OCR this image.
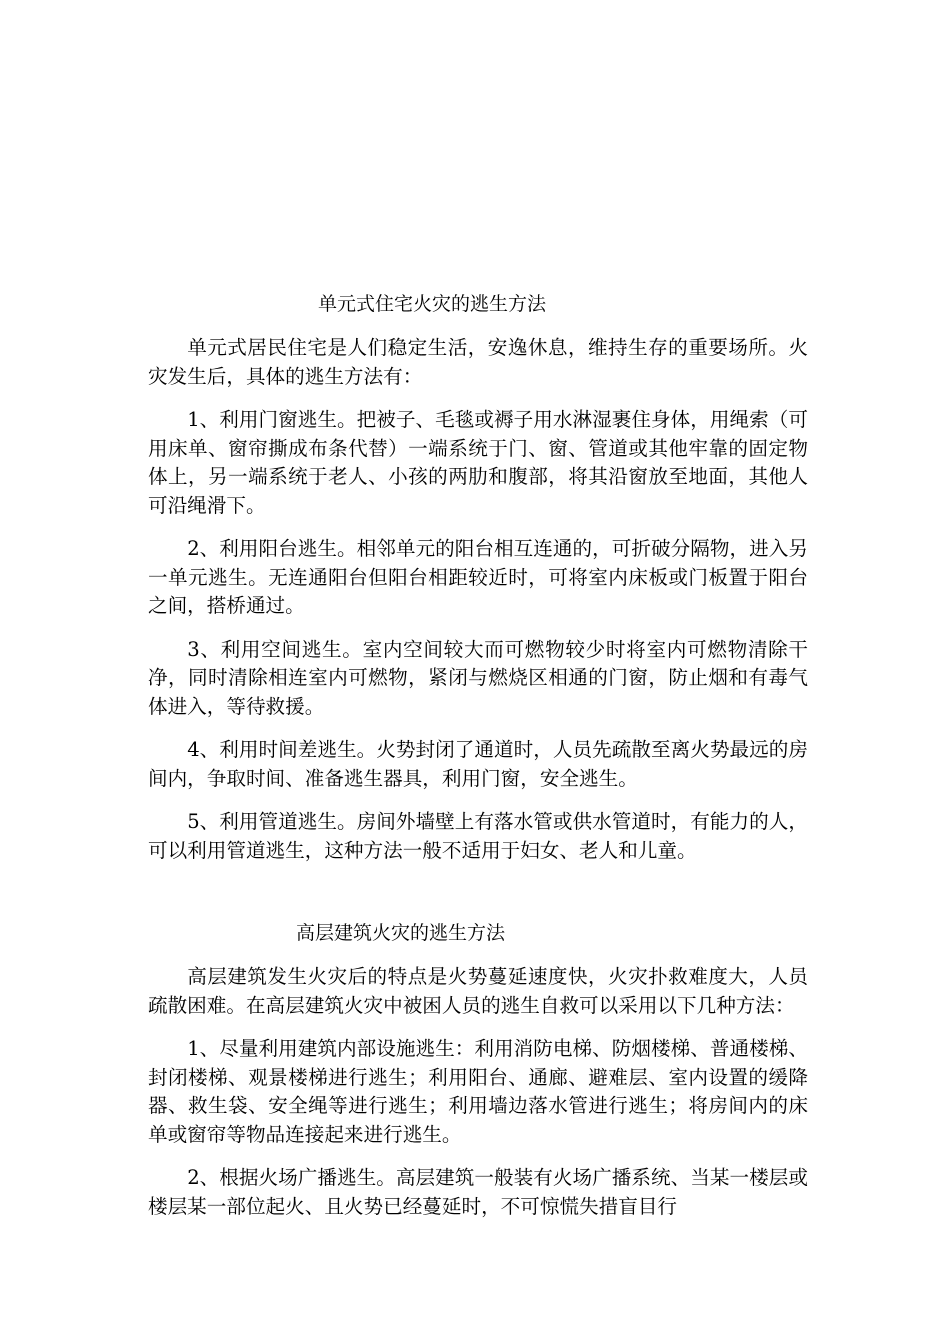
单元式住宅火灾的逃生方法

单元式居民住宅是人们稳定生活，安逸休息，维持生存的重要场所。火灾发生后，具体的逃生方法有：

1、利用门窗逃生。把被子、毛毯或褥子用水淋湿裹住身体，用绳索（可用床单、窗帘撕成布条代替）一端系统于门、窗、管道或其他牢靠的固定物体上，另一端系统于老人、小孩的两肋和腹部，将其沿窗放至地面，其他人可沿绳滑下。

2、利用阳台逃生。相邻单元的阳台相互连通的，可折破分隔物，进入另一单元逃生。无连通阳台但阳台相距较近时，可将室内床板或门板置于阳台之间，搭桥通过。

3、利用空间逃生。室内空间较大而可燃物较少时将室内可燃物清除干净，同时清除相连室内可燃物，紧闭与燃烧区相通的门窗，防止烟和有毒气体进入，等待救援。

4、利用时间差逃生。火势封闭了通道时，人员先疏散至离火势最远的房间内，争取时间、准备逃生器具，利用门窗，安全逃生。

5、利用管道逃生。房间外墙壁上有落水管或供水管道时，有能力的人，可以利用管道逃生，这种方法一般不适用于妇女、老人和儿童。

高层建筑火灾的逃生方法

高层建筑发生火灾后的特点是火势蔓延速度快，火灾扑救难度大，人员疏散困难。在高层建筑火灾中被困人员的逃生自救可以采用以下几种方法：

1、尽量利用建筑内部设施逃生：利用消防电梯、防烟楼梯、普通楼梯、封闭楼梯、观景楼梯进行逃生；利用阳台、通廊、避难层、室内设置的缓降器、救生袋、安全绳等进行逃生；利用墙边落水管进行逃生；将房间内的床单或窗帘等物品连接起来进行逃生。

2、根据火场广播逃生。高层建筑一般装有火场广播系统、当某一楼层或楼层某一部位起火、且火势已经蔓延时，不可惊慌失措盲目行
